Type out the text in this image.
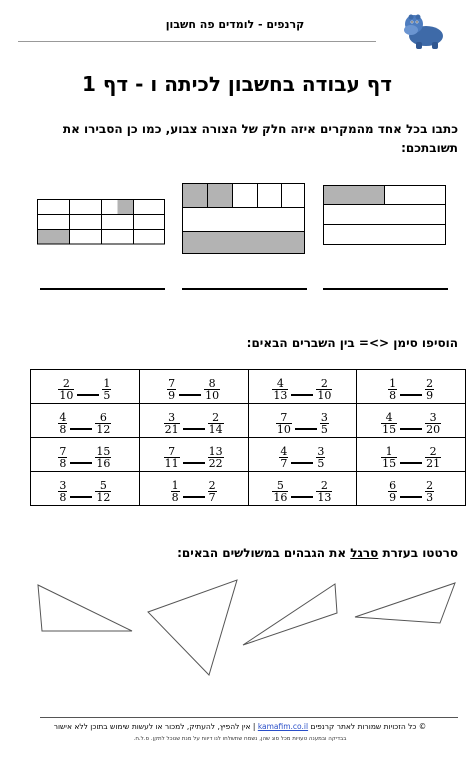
קרנפים - לומדים פה חשבון
דף עבודה בחשבון לכיתה ו - דף 1
כתבו בכל אחד מהמקרים איזה חלק של הצורה צבוע, כמו כן הסבירו את תשובתכם:
הוסיפו סימן <>= בין השברים הבאים:
$\frac{2}{10} \frac{1}{5}$	$\frac{7}{9} \frac{8}{10}$	$\frac{4}{13} \frac{2}{10}$	$\frac{1}{8} \frac{2}{9}$

$\frac{4}{8} \frac{6}{12}$	$\frac{3}{21} \frac{2}{14}$	$\frac{7}{10} \frac{3}{5}$	$\frac{4}{15} \frac{3}{20}$

$\frac{7}{8} \frac{15}{16}$	$\frac{7}{11} \frac{13}{22}$	$\frac{4}{7} \frac{3}{5}$	$\frac{1}{15} \frac{2}{21}$

$\frac{3}{8} \frac{5}{12}$	$\frac{1}{8} \frac{2}{7}$	$\frac{5}{16} \frac{2}{13}$	$\frac{6}{9} \frac{2}{3}$
סרטטו בעזרת סרגל את הגבהים במשולשים הבאים:
© כל הזכויות שמורות לאתר קרנפים kamafim.co.il | אין להפיץ, להעתיק, למכור או לעשות שימוש בתוכן ללא אישור
בבדיקה ובמענה טעויות מכל סוג שהן, נשמח שתשלחו לנו דיווח על מנת שנוכל לתקן. ס.ל.ח.
